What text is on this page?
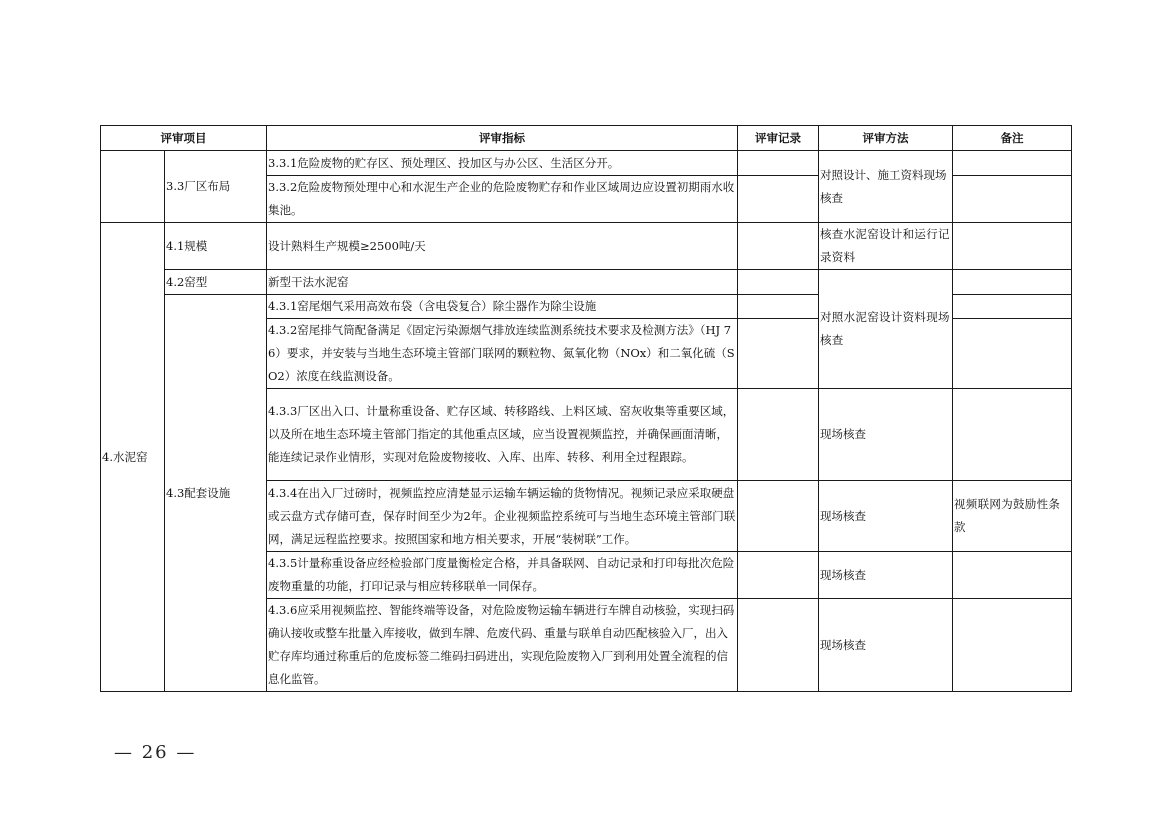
评审项目		评审指标	评审记录	评审方法	备注
	3.3厂区布局	3.3.1危险废物的贮存区、预处理区、投加区与办公区、生活区分开。		对照设计、施工资料现场核查	
		3.3.2危险废物预处理中心和水泥生产企业的危险废物贮存和作业区域周边应设置初期雨水收集池。			
4.水泥窑	4.1规模	设计熟料生产规模≥2500吨/天		核查水泥窑设计和运行记录资料	
	4.2窑型	新型干法水泥窑		对照水泥窑设计资料现场核查	
	4.3配套设施	4.3.1窑尾烟气采用高效布袋（含电袋复合）除尘器作为除尘设施			
		4.3.2窑尾排气筒配备满足《固定污染源烟气排放连续监测系统技术要求及检测方法》（HJ 76）要求，并安装与当地生态环境主管部门联网的颗粒物、氮氧化物（NOx）和二氧化硫（SO2）浓度在线监测设备。			
		4.3.3厂区出入口、计量称重设备、贮存区域、转移路线、上料区域、窑灰收集等重要区域，以及所在地生态环境主管部门指定的其他重点区域，应当设置视频监控，并确保画面清晰，能连续记录作业情形，实现对危险废物接收、入库、出库、转移、利用全过程跟踪。		现场核查	
		4.3.4在出入厂过磅时，视频监控应清楚显示运输车辆运输的货物情况。视频记录应采取硬盘或云盘方式存储可查，保存时间至少为2年。企业视频监控系统可与当地生态环境主管部门联网，满足远程监控要求。按照国家和地方相关要求，开展“装树联”工作。		现场核查	视频联网为鼓励性条款
		4.3.5计量称重设备应经检验部门度量衡检定合格，并具备联网、自动记录和打印每批次危险废物重量的功能，打印记录与相应转移联单一同保存。		现场核查	
		4.3.6应采用视频监控、智能终端等设备，对危险废物运输车辆进行车牌自动核验，实现扫码确认接收或整车批量入库接收，做到车牌、危废代码、重量与联单自动匹配核验入厂，出入贮存库均通过称重后的危废标签二维码扫码进出，实现危险废物入厂到利用处置全流程的信息化监管。		现场核查	
— 26 —
